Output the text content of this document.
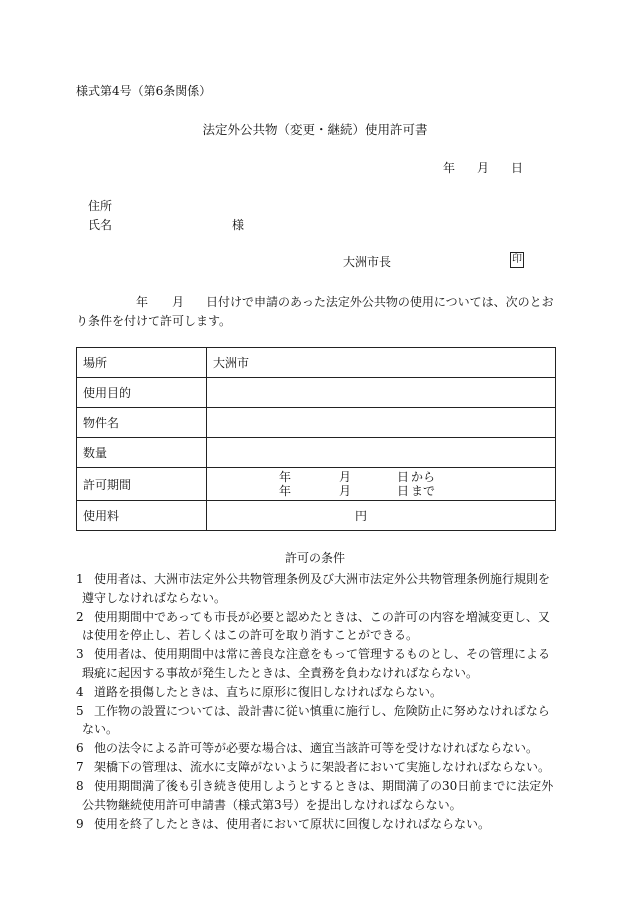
様式第4号（第6条関係）
法定外公共物（変更・継続）使用許可書
年 月 日
住所
氏名	様
大洲市長	印
年 月 日付けで申請のあった法定外公共物の使用については、次のとお
り条件を付けて許可します。
場所	大洲市
使用目的	
物件名	
数量	
許可期間	年 月 日 から
年 月 日 まで

使用料	円
許可の条件
1 使用者は、大洲市法定外公共物管理条例及び大洲市法定外公共物管理条例施行規則を
遵守しなければならない。
2 使用期間中であっても市長が必要と認めたときは、この許可の内容を増減変更し、又
は使用を停止し、若しくはこの許可を取り消すことができる。
3 使用者は、使用期間中は常に善良な注意をもって管理するものとし、その管理による
瑕疵に起因する事故が発生したときは、全責務を負わなければならない。
4 道路を損傷したときは、直ちに原形に復旧しなければならない。
5 工作物の設置については、設計書に従い慎重に施行し、危険防止に努めなければなら
ない。
6 他の法令による許可等が必要な場合は、適宜当該許可等を受けなければならない。
7 架橋下の管理は、流水に支障がないように架設者において実施しなければならない。
8 使用期間満了後も引き続き使用しようとするときは、期間満了の30日前までに法定外
公共物継続使用許可申請書（様式第3号）を提出しなければならない。
9 使用を終了したときは、使用者において原状に回復しなければならない。
